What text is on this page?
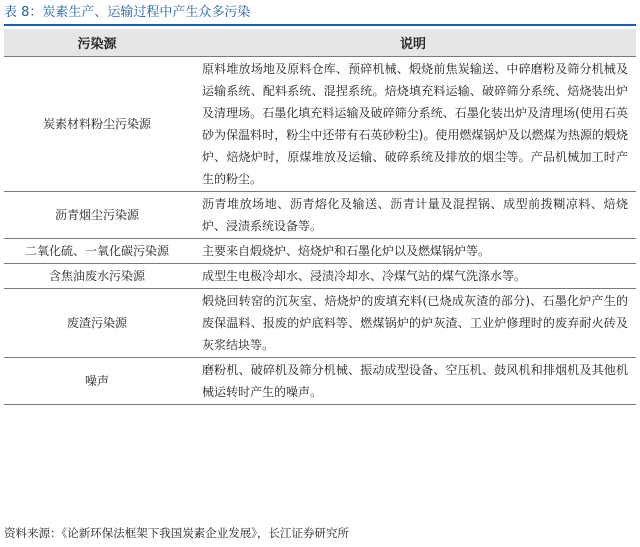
表 8：炭素生产、运输过程中产生众多污染
污染源	说明
炭素材料粉尘污染源	原料堆放场地及原料仓库、预碎机械、煅烧前焦炭输送、中碎磨粉及筛分机械及运输系统、配料系统、混捏系统。焙烧填充料运输、破碎筛分系统、焙烧装出炉及清理场。石墨化填充料运输及破碎筛分系统、石墨化装出炉及清理场(使用石英砂为保温料时，粉尘中还带有石英砂粉尘)。使用燃煤锅炉及以燃煤为热源的煅烧炉、焙烧炉时，原煤堆放及运输、破碎系统及排放的烟尘等。产品机械加工时产生的粉尘。
沥青烟尘污染源	沥青堆放场地、沥青熔化及输送、沥青计量及混捏锅、成型前拨糊凉料、焙烧炉、浸渍系统设备等。
二氧化硫、一氧化碳污染源	主要来自煅烧炉、焙烧炉和石墨化炉以及燃煤锅炉等。
含焦油废水污染源	成型生电极冷却水、浸渍冷却水、冷煤气站的煤气洗涤水等。
废渣污染源	煅烧回转窑的沉灰室、焙烧炉的废填充料(已烧成灰渣的部分)、石墨化炉产生的废保温料、报废的炉底料等、燃煤锅炉的炉灰渣、工业炉修理时的废弃耐火砖及灰浆结块等。
噪声	磨粉机、破碎机及筛分机械、振动成型设备、空压机、鼓风机和排烟机及其他机械运转时产生的噪声。
资料来源：《论新环保法框架下我国炭素企业发展》，长江证券研究所
